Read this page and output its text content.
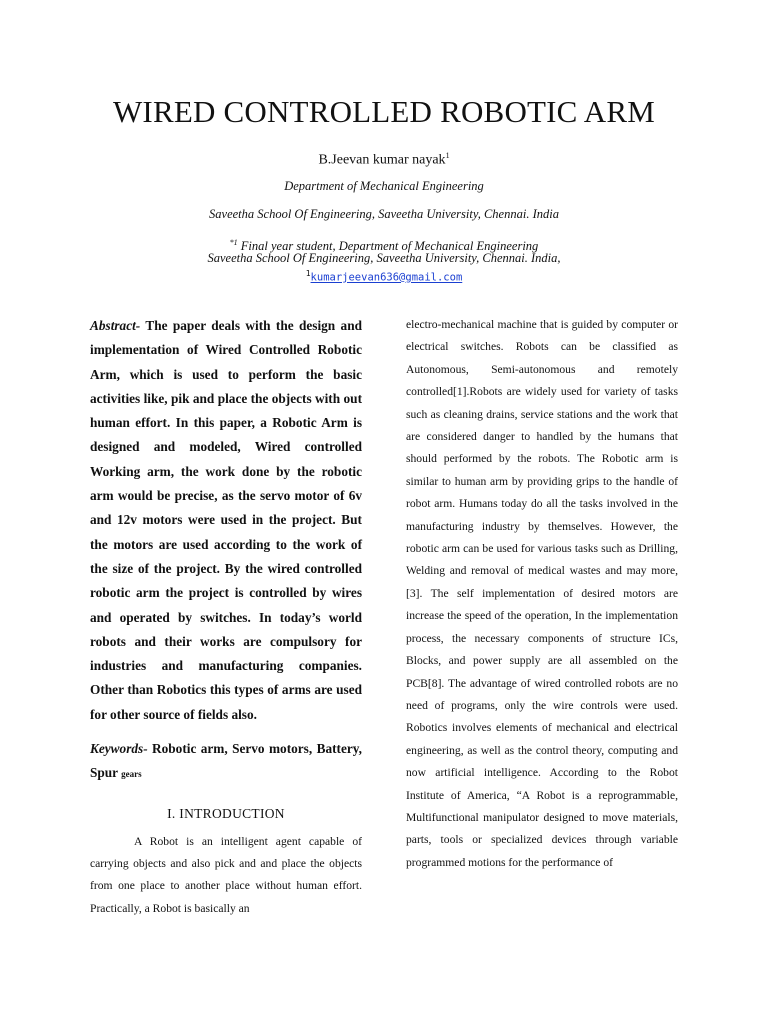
WIRED CONTROLLED ROBOTIC ARM
B.Jeevan kumar nayak$^1$
Department of Mechanical Engineering
Saveetha School Of Engineering, Saveetha University, Chennai. India
$^{*1}$ Final year student, Department of Mechanical Engineering
Saveetha School Of Engineering, Saveetha University, Chennai. India,
$^1$kumarjeevan636@gmail.com

Abstract- The paper deals with the design and implementation of Wired Controlled Robotic Arm, which is used to perform the basic activities like, pik and place the objects with out human effort. In this paper, a Robotic Arm is designed and modeled, Wired controlled Working arm, the work done by the robotic arm would be precise, as the servo motor of 6v and 12v motors were used in the project. But the motors are used according to the work of the size of the project. By the wired controlled robotic arm the project is controlled by wires and operated by switches. In today’s world robots and their works are compulsory for industries and manufacturing companies. Other than Robotics this types of arms are used for other source of fields also.

Keywords- Robotic arm, Servo motors, Battery, Spur gears

I. INTRODUCTION

A Robot is an intelligent agent capable of carrying objects and also pick and and place the objects from one place to another place without human effort. Practically, a Robot is basically an

electro-mechanical machine that is guided by computer or electrical switches. Robots can be classified as Autonomous, Semi-autonomous and remotely controlled[1].Robots are widely used for variety of tasks such as cleaning drains, service stations and the work that are considered danger to handled by the humans that should performed by the robots. The Robotic arm is similar to human arm by providing grips to the handle of robot arm. Humans today do all the tasks involved in the manufacturing industry by themselves. However, the robotic arm can be used for various tasks such as Drilling, Welding and removal of medical wastes and may more, [3]. The self implementation of desired motors are increase the speed of the operation, In the implementation process, the necessary components of structure ICs, Blocks, and power supply are all assembled on the PCB[8]. The advantage of wired controlled robots are no need of programs, only the wire controls were used. Robotics involves elements of mechanical and electrical engineering, as well as the control theory, computing and now artificial intelligence. According to the Robot Institute of America, “A Robot is a reprogrammable, Multifunctional manipulator designed to move materials, parts, tools or specialized devices through variable programmed motions for the performance of
